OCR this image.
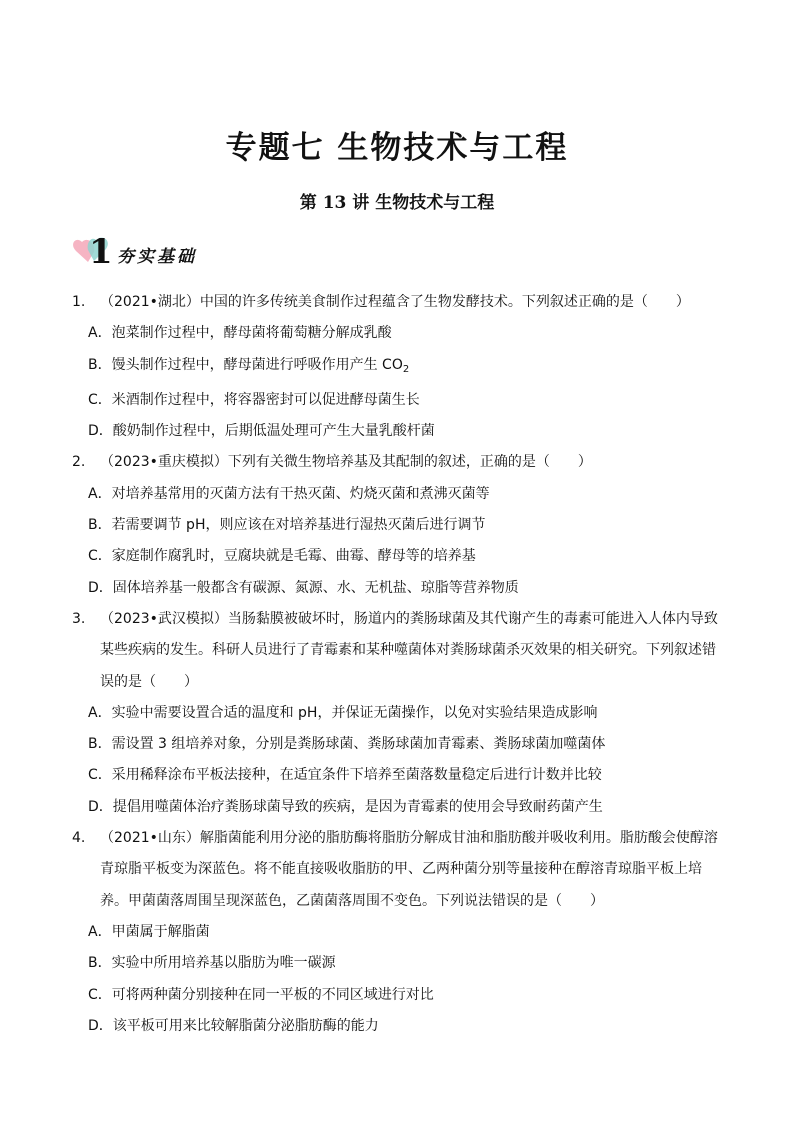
专题七 生物技术与工程
第 13 讲 生物技术与工程
1 夯实基础
1. （2021•湖北）中国的许多传统美食制作过程蕴含了生物发酵技术。下列叙述正确的是（　　）
A．泡菜制作过程中，酵母菌将葡萄糖分解成乳酸
B．馒头制作过程中，酵母菌进行呼吸作用产生 $CO_2$
C．米酒制作过程中，将容器密封可以促进酵母菌生长
D．酸奶制作过程中，后期低温处理可产生大量乳酸杆菌
2. （2023•重庆模拟）下列有关微生物培养基及其配制的叙述，正确的是（　　）
A．对培养基常用的灭菌方法有干热灭菌、灼烧灭菌和煮沸灭菌等
B．若需要调节 pH，则应该在对培养基进行湿热灭菌后进行调节
C．家庭制作腐乳时，豆腐块就是毛霉、曲霉、酵母等的培养基
D．固体培养基一般都含有碳源、氮源、水、无机盐、琼脂等营养物质
3. （2023•武汉模拟）当肠黏膜被破坏时，肠道内的粪肠球菌及其代谢产生的毒素可能进入人体内导致某些疾病的发生。科研人员进行了青霉素和某种噬菌体对粪肠球菌杀灭效果的相关研究。下列叙述错误的是（　　）
A．实验中需要设置合适的温度和 pH，并保证无菌操作，以免对实验结果造成影响
B．需设置 3 组培养对象，分别是粪肠球菌、粪肠球菌加青霉素、粪肠球菌加噬菌体
C．采用稀释涂布平板法接种，在适宜条件下培养至菌落数量稳定后进行计数并比较
D．提倡用噬菌体治疗粪肠球菌导致的疾病，是因为青霉素的使用会导致耐药菌产生
4. （2021•山东）解脂菌能利用分泌的脂肪酶将脂肪分解成甘油和脂肪酸并吸收利用。脂肪酸会使醇溶青琼脂平板变为深蓝色。将不能直接吸收脂肪的甲、乙两种菌分别等量接种在醇溶青琼脂平板上培养。甲菌菌落周围呈现深蓝色，乙菌菌落周围不变色。下列说法错误的是（　　）
A．甲菌属于解脂菌
B．实验中所用培养基以脂肪为唯一碳源
C．可将两种菌分别接种在同一平板的不同区域进行对比
D．该平板可用来比较解脂菌分泌脂肪酶的能力
